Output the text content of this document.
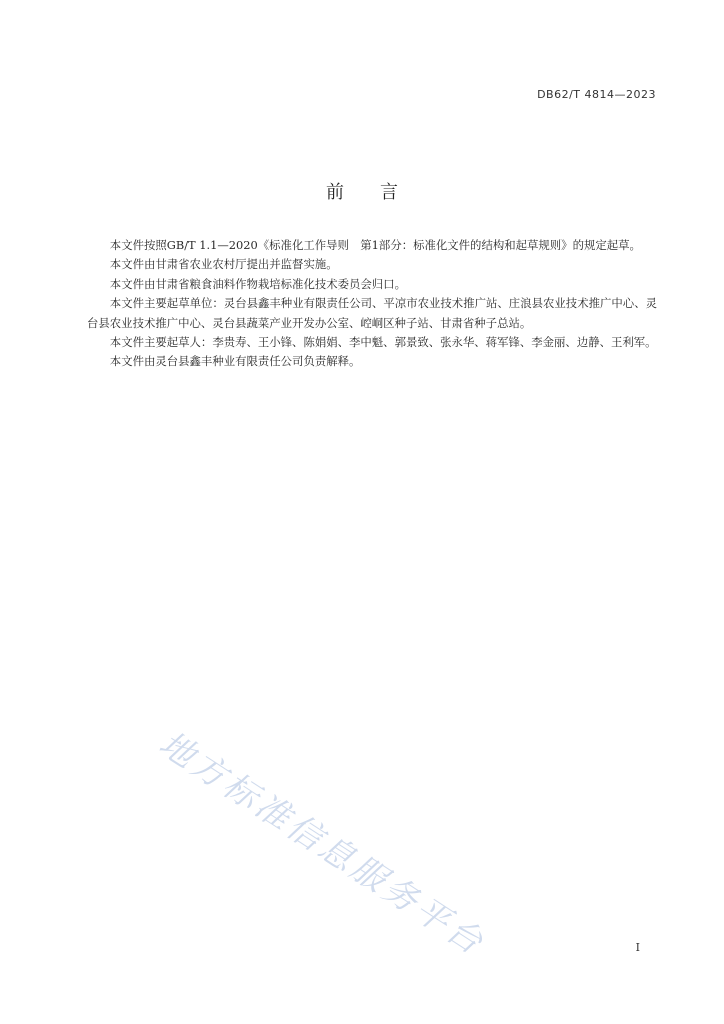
DB62/T 4814—2023
前言

本文件按照GB/T 1.1—2020《标准化工作导则　第1部分：标准化文件的结构和起草规则》的规定起草。

本文件由甘肃省农业农村厅提出并监督实施。

本文件由甘肃省粮食油料作物栽培标准化技术委员会归口。

本文件主要起草单位：灵台县鑫丰种业有限责任公司、平凉市农业技术推广站、庄浪县农业技术推广中心、灵台县农业技术推广中心、灵台县蔬菜产业开发办公室、崆峒区种子站、甘肃省种子总站。

本文件主要起草人：李贵寿、王小锋、陈娟娟、李中魁、郭景致、张永华、蒋军锋、李金丽、边静、王利军。

本文件由灵台县鑫丰种业有限责任公司负责解释。

地方标准信息服务平台	I
